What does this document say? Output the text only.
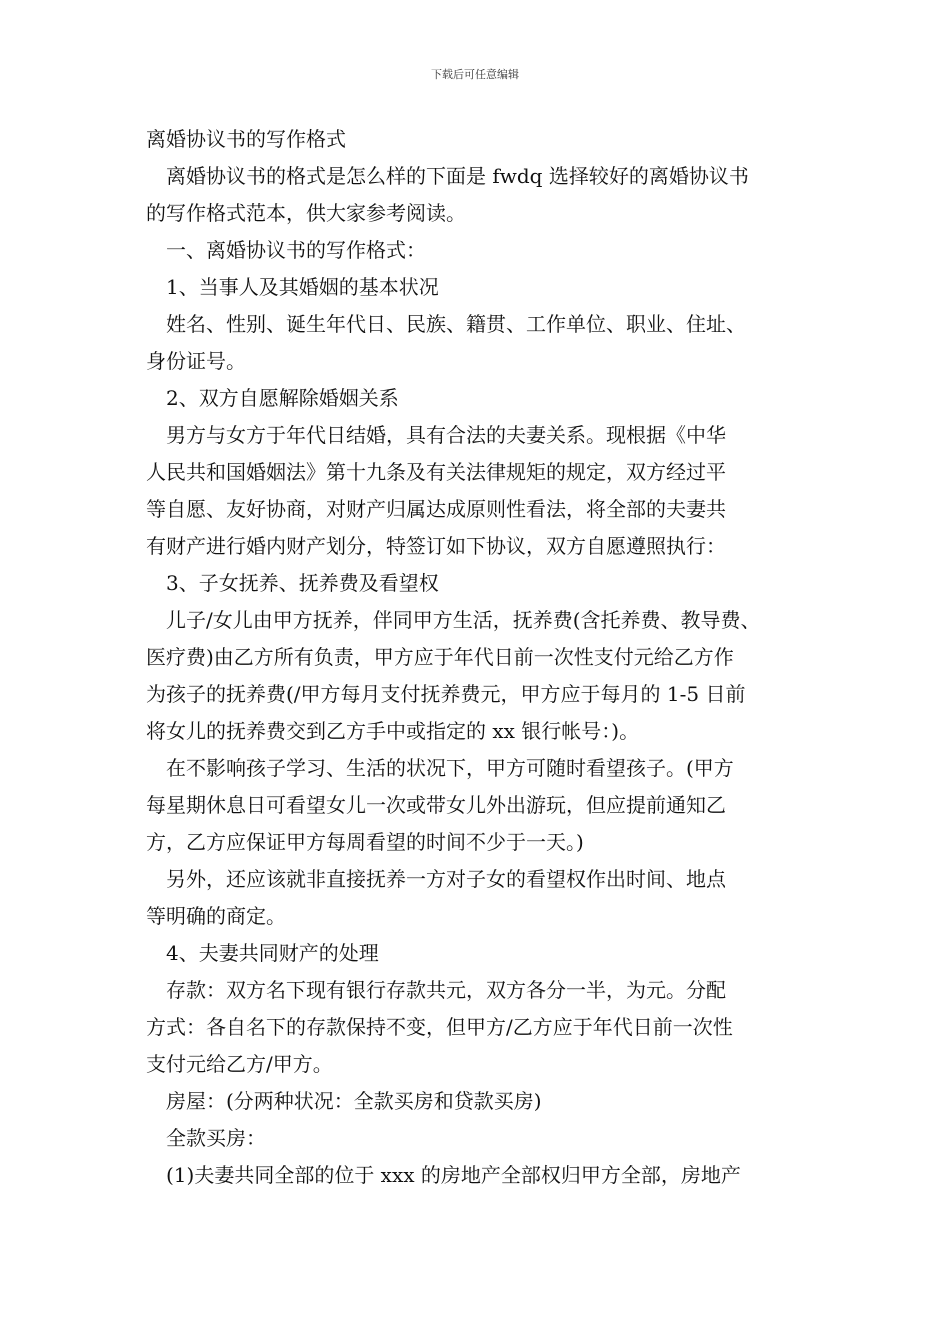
下载后可任意编辑
离婚协议书的写作格式
离婚协议书的格式是怎么样的下面是 fwdq 选择较好的离婚协议书
的写作格式范本，供大家参考阅读。
一、离婚协议书的写作格式：
1、当事人及其婚姻的基本状况
姓名、性别、诞生年代日、民族、籍贯、工作单位、职业、住址、
身份证号。
2、双方自愿解除婚姻关系
男方与女方于年代日结婚，具有合法的夫妻关系。现根据《中华
人民共和国婚姻法》第十九条及有关法律规矩的规定，双方经过平
等自愿、友好协商，对财产归属达成原则性看法，将全部的夫妻共
有财产进行婚内财产划分，特签订如下协议，双方自愿遵照执行：
3、子女抚养、抚养费及看望权
儿子/女儿由甲方抚养，伴同甲方生活，抚养费(含托养费、教导费、
医疗费)由乙方所有负责，甲方应于年代日前一次性支付元给乙方作
为孩子的抚养费(/甲方每月支付抚养费元，甲方应于每月的 1-5 日前
将女儿的抚养费交到乙方手中或指定的 xx 银行帐号：)。
在不影响孩子学习、生活的状况下，甲方可随时看望孩子。(甲方
每星期休息日可看望女儿一次或带女儿外出游玩，但应提前通知乙
方，乙方应保证甲方每周看望的时间不少于一天。)
另外，还应该就非直接抚养一方对子女的看望权作出时间、地点
等明确的商定。
4、夫妻共同财产的处理
存款：双方名下现有银行存款共元，双方各分一半，为元。分配
方式：各自名下的存款保持不变，但甲方/乙方应于年代日前一次性
支付元给乙方/甲方。
房屋：(分两种状况：全款买房和贷款买房)
全款买房：
(1)夫妻共同全部的位于 xxx 的房地产全部权归甲方全部，房地产
